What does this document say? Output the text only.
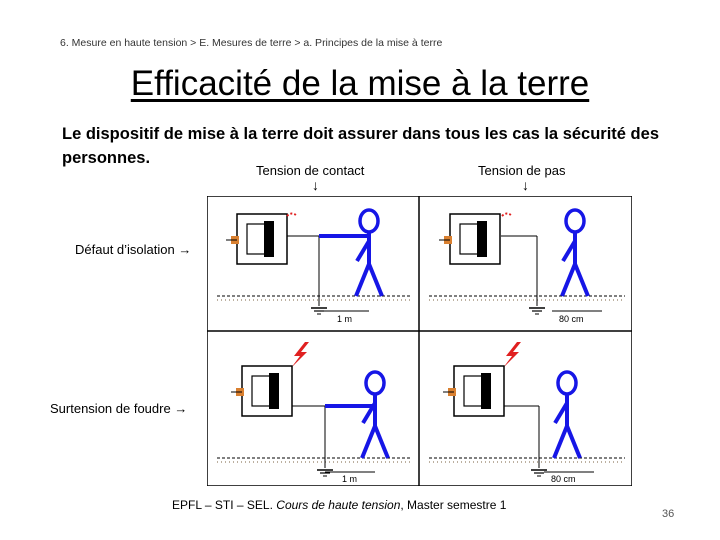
6. Mesure en haute tension > E. Mesures de terre > a. Principes de la mise à terre
Efficacité de la mise à la terre
Le dispositif de mise à la terre doit assurer dans tous les cas la sécurité des personnes.
Tension de contact	Tension de pas
↓	↓
Défaut d’isolation →
Surtension de foudre →
1 m	80 cm
1 m	80 cm
EPFL – STI – SEL. Cours de haute tension, Master semestre 1
36
